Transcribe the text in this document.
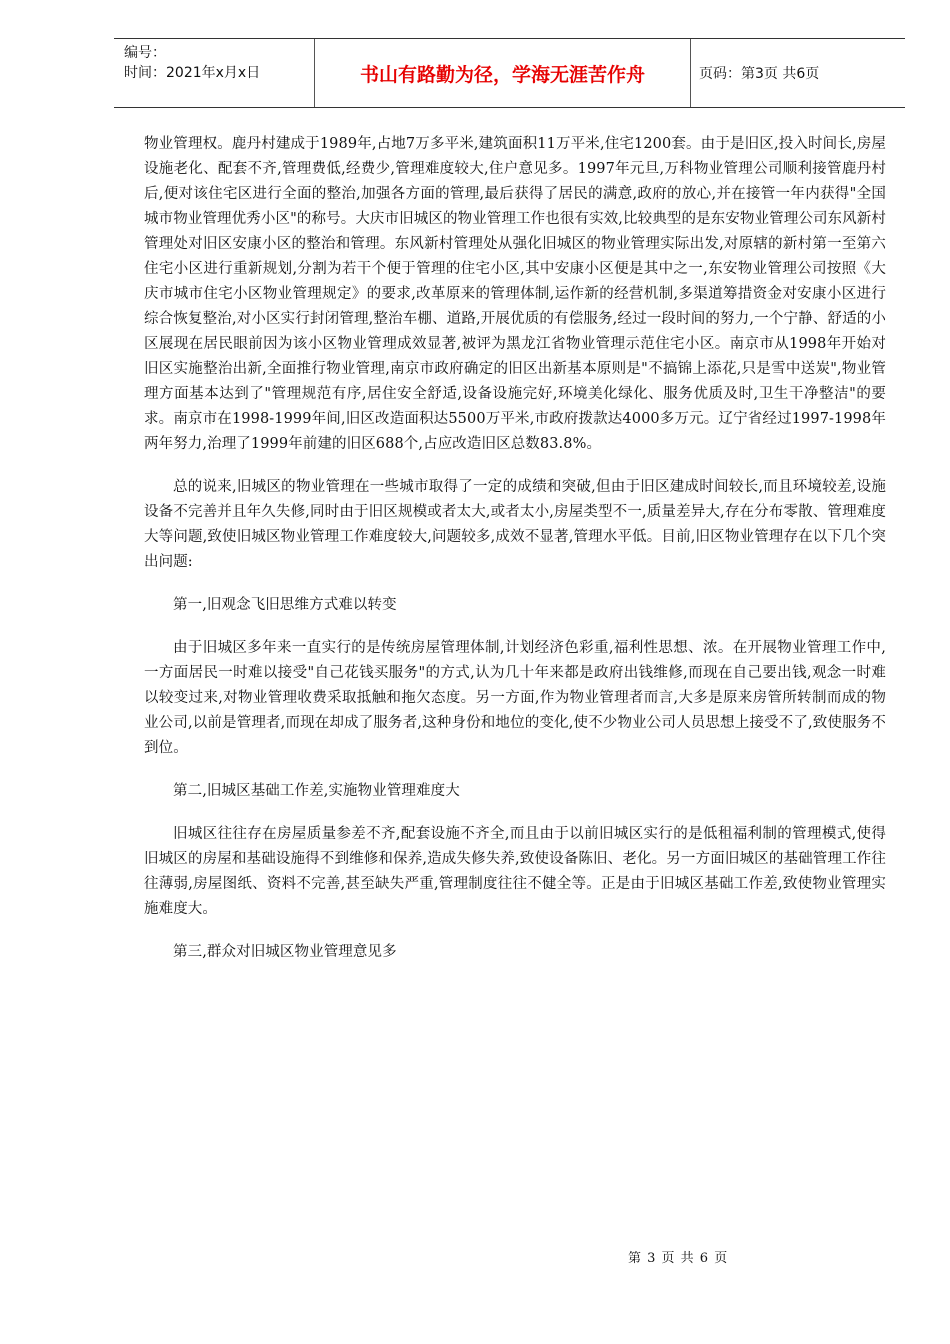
编号：
时间：2021年x月x日	书山有路勤为径，学海无涯苦作舟	页码：第3页 共6页

物业管理权。鹿丹村建成于1989年,占地7万多平米,建筑面积11万平米,住宅1200套。由于是旧区,投入时间长,房屋设施老化、配套不齐,管理费低,经费少,管理难度较大,住户意见多。1997年元旦,万科物业管理公司顺利接管鹿丹村后,便对该住宅区进行全面的整治,加强各方面的管理,最后获得了居民的满意,政府的放心,并在接管一年内获得"全国城市物业管理优秀小区"的称号。大庆市旧城区的物业管理工作也很有实效,比较典型的是东安物业管理公司东风新村管理处对旧区安康小区的整治和管理。东风新村管理处从强化旧城区的物业管理实际出发,对原辖的新村第一至第六住宅小区进行重新规划,分割为若干个便于管理的住宅小区,其中安康小区便是其中之一,东安物业管理公司按照《大庆市城市住宅小区物业管理规定》的要求,改革原来的管理体制,运作新的经营机制,多渠道筹措资金对安康小区进行综合恢复整治,对小区实行封闭管理,整治车棚、道路,开展优质的有偿服务,经过一段时间的努力,一个宁静、舒适的小区展现在居民眼前因为该小区物业管理成效显著,被评为黑龙江省物业管理示范住宅小区。南京市从1998年开始对旧区实施整治出新,全面推行物业管理,南京市政府确定的旧区出新基本原则是"不搞锦上添花,只是雪中送炭",物业管理方面基本达到了"管理规范有序,居住安全舒适,设备设施完好,环境美化绿化、服务优质及时,卫生干净整洁"的要求。南京市在1998-1999年间,旧区改造面积达5500万平米,市政府拨款达4000多万元。辽宁省经过1997-1998年两年努力,治理了1999年前建的旧区688个,占应改造旧区总数83.8%。

总的说来,旧城区的物业管理在一些城市取得了一定的成绩和突破,但由于旧区建成时间较长,而且环境较差,设施设备不完善并且年久失修,同时由于旧区规模或者太大,或者太小,房屋类型不一,质量差异大,存在分布零散、管理难度大等问题,致使旧城区物业管理工作难度较大,问题较多,成效不显著,管理水平低。目前,旧区物业管理存在以下几个突出问题:

第一,旧观念飞旧思维方式难以转变

由于旧城区多年来一直实行的是传统房屋管理体制,计划经济色彩重,福利性思想、浓。在开展物业管理工作中,一方面居民一时难以接受"自己花钱买服务"的方式,认为几十年来都是政府出钱维修,而现在自己要出钱,观念一时难以较变过来,对物业管理收费采取抵触和拖欠态度。另一方面,作为物业管理者而言,大多是原来房管所转制而成的物业公司,以前是管理者,而现在却成了服务者,这种身份和地位的变化,使不少物业公司人员思想上接受不了,致使服务不到位。

第二,旧城区基础工作差,实施物业管理难度大

旧城区往往存在房屋质量参差不齐,配套设施不齐全,而且由于以前旧城区实行的是低租福利制的管理模式,使得旧城区的房屋和基础设施得不到维修和保养,造成失修失养,致使设备陈旧、老化。另一方面旧城区的基础管理工作往往薄弱,房屋图纸、资料不完善,甚至缺失严重,管理制度往往不健全等。正是由于旧城区基础工作差,致使物业管理实施难度大。

第三,群众对旧城区物业管理意见多

第 3 页 共 6 页
